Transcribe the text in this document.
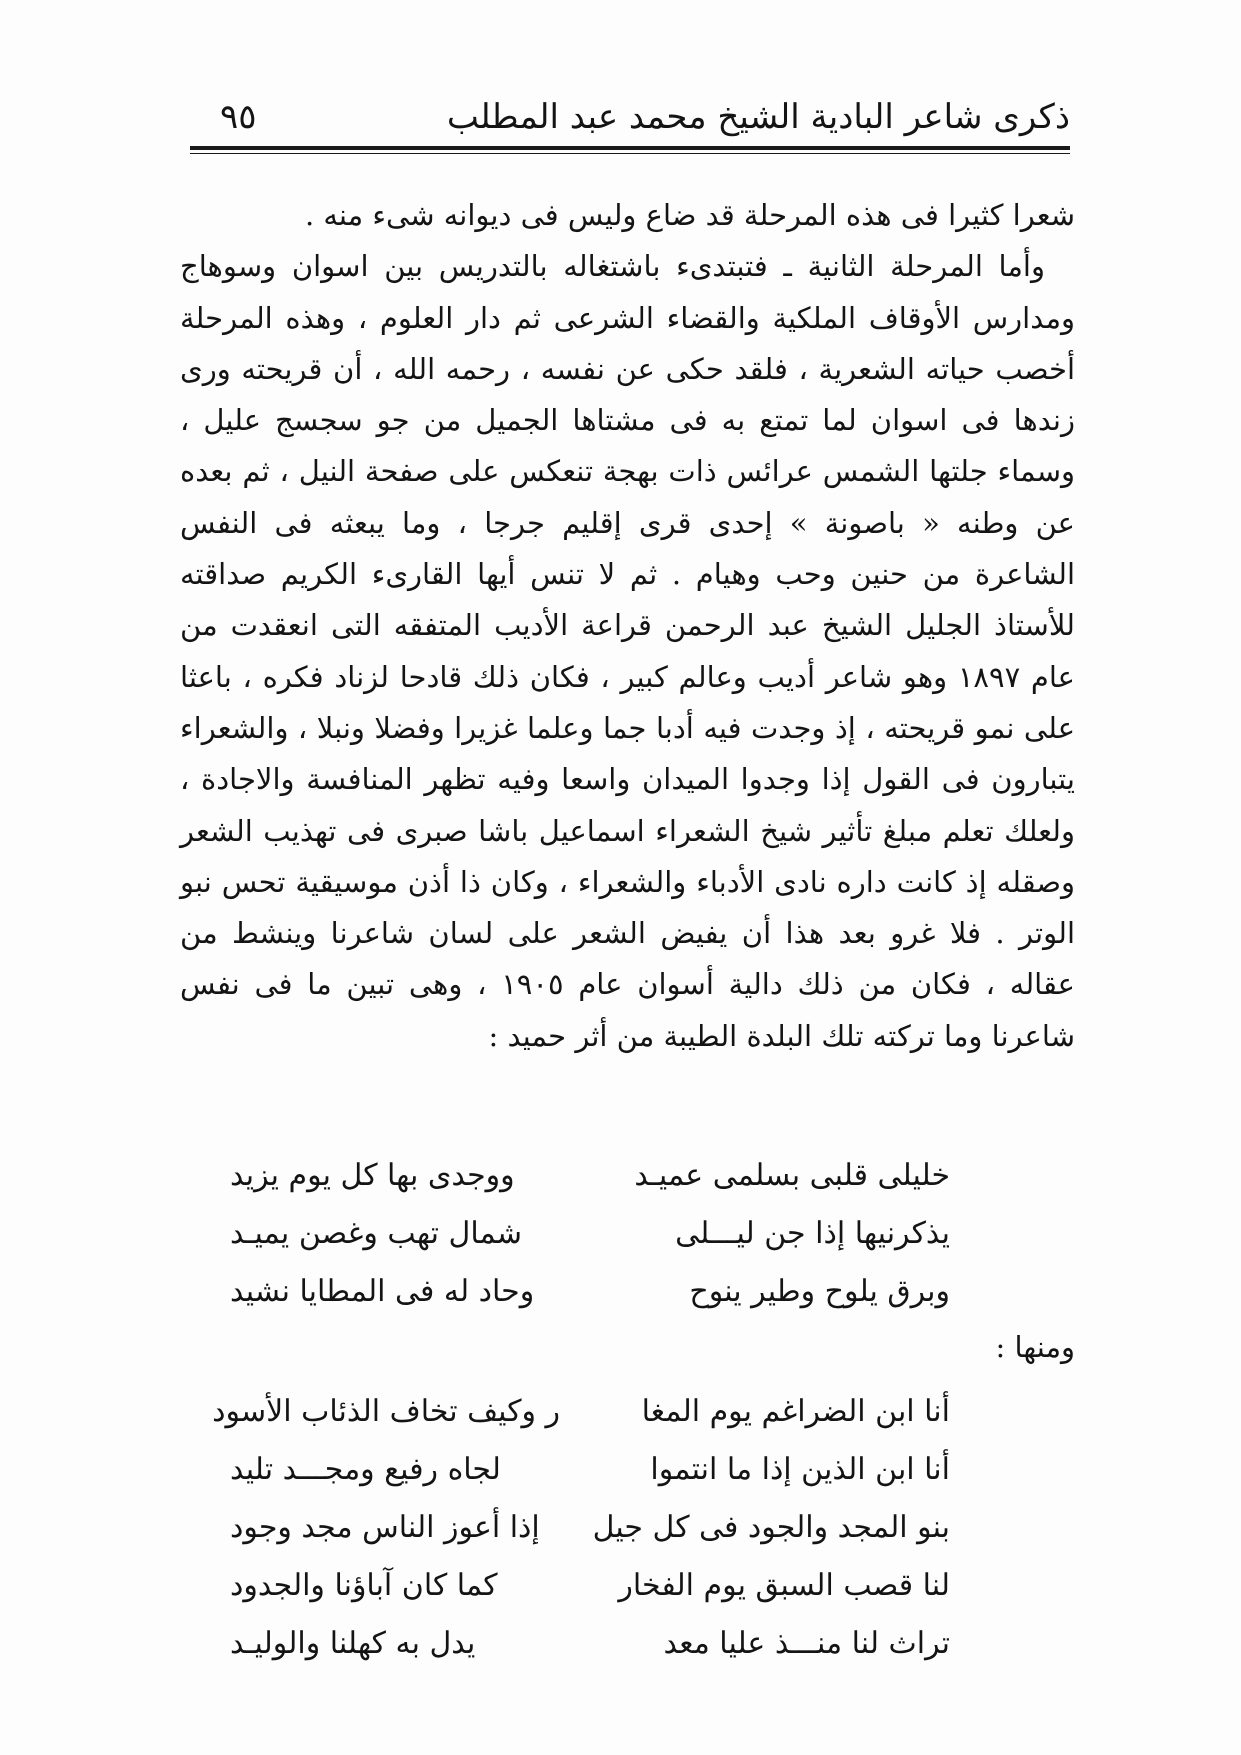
ذكرى شاعر البادية الشيخ محمد عبد المطلب
٩٥

شعرا كثيرا فى هذه المرحلة قد ضاع وليس فى ديوانه شىء منه .

وأما المرحلة الثانية ـ فتبتدىء باشتغاله بالتدريس بين اسوان وسوهاج ومدارس الأوقاف الملكية والقضاء الشرعى ثم دار العلوم ، وهذه المرحلة أخصب حياته الشعرية ، فلقد حكى عن نفسه ، رحمه الله ، أن قريحته ورى زندها فى اسوان لما تمتع به فى مشتاها الجميل من جو سجسج عليل ، وسماء جلتها الشمس عرائس ذات بهجة تنعكس على صفحة النيل ، ثم بعده عن وطنه « باصونة » إحدى قرى إقليم جرجا ، وما يبعثه فى النفس الشاعرة من حنين وحب وهيام . ثم لا تنس أيها القارىء الكريم صداقته للأستاذ الجليل الشيخ عبد الرحمن قراعة الأديب المتفقه التى انعقدت من عام ١٨٩٧ وهو شاعر أديب وعالم كبير ، فكان ذلك قادحا لزناد فكره ، باعثا على نمو قريحته ، إذ وجدت فيه أدبا جما وعلما غزيرا وفضلا ونبلا ، والشعراء يتبارون فى القول إذا وجدوا الميدان واسعا وفيه تظهر المنافسة والاجادة ، ولعلك تعلم مبلغ تأثير شيخ الشعراء اسماعيل باشا صبرى فى تهذيب الشعر وصقله إذ كانت داره نادى الأدباء والشعراء ، وكان ذا أذن موسيقية تحس نبو الوتر . فلا غرو بعد هذا أن يفيض الشعر على لسان شاعرنا وينشط من عقاله ، فكان من ذلك دالية أسوان عام ١٩٠٥ ، وهى تبين ما فى نفس شاعرنا وما تركته تلك البلدة الطيبة من أثر حميد :

خليلى قلبى بسلمى عميـد
ووجدى بها كل يوم يزيد
يذكرنيها إذا جن ليـــلى
شمال تهب وغصن يميـد
وبرق يلوح وطير ينوح
وحاد له فى المطايا نشيد
ومنها :
أنا ابن الضراغم يوم المغا
ر وكيف تخاف الذئاب الأسود
أنا ابن الذين إذا ما انتموا
لجاه رفيع ومجـــد تليد
بنو المجد والجود فى كل جيل
إذا أعوز الناس مجد وجود
لنا قصب السبق يوم الفخار
كما كان آباؤنا والجدود
تراث لنا منـــذ عليا معد
يدل به كهلنا والوليـد
